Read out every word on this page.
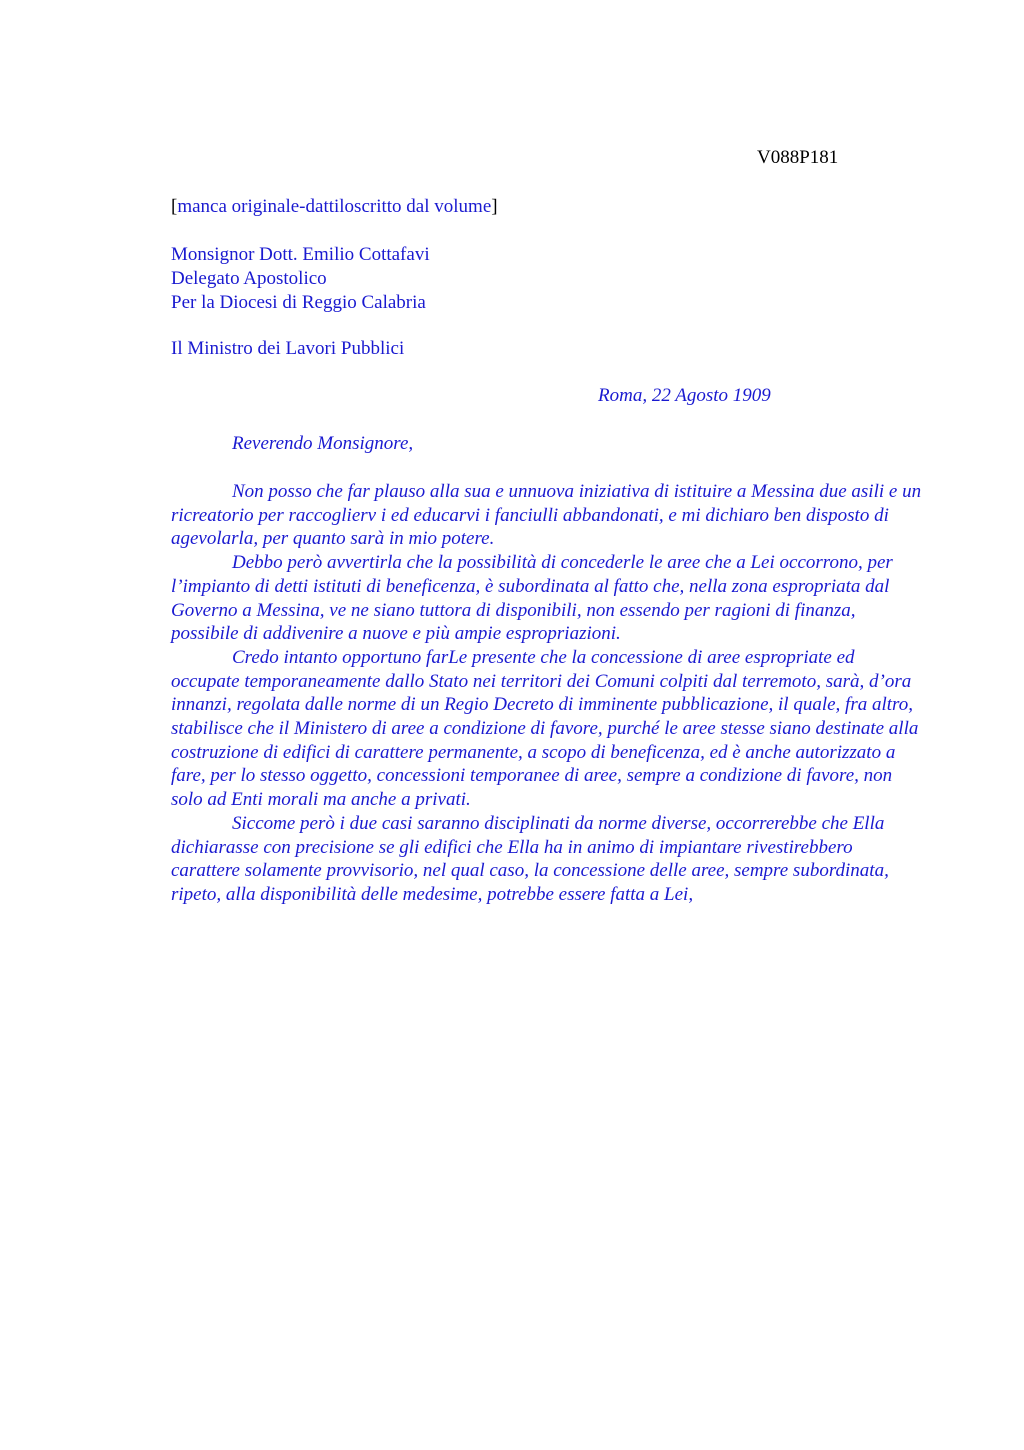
V088P181
[manca originale-dattiloscritto dal volume]
Monsignor Dott. Emilio Cottafavi
Delegato Apostolico
Per la Diocesi di Reggio Calabria
Il Ministro dei Lavori Pubblici
Roma, 22 Agosto 1909
Reverendo Monsignore,

Non posso che far plauso alla sua e unnuova iniziativa di istituire a Messina due asili e un ricreatorio per raccoglierv i ed educarvi i fanciulli abbandonati, e mi dichiaro ben disposto di agevolarla, per quanto sarà in mio potere.

Debbo però avvertirla che la possibilità di concederle le aree che a Lei occorrono, per l’impianto di detti istituti di beneficenza, è subordinata al fatto che, nella zona espropriata dal Governo a Messina, ve ne siano tuttora di disponibili, non essendo per ragioni di finanza, possibile di addivenire a nuove e più ampie espropriazioni.

Credo intanto opportuno farLe presente che la concessione di aree espropriate ed occupate temporaneamente dallo Stato nei territori dei Comuni colpiti dal terremoto, sarà, d’ora innanzi, regolata dalle norme di un Regio Decreto di imminente pubblicazione, il quale, fra altro, stabilisce che il Ministero di aree a condizione di favore, purché le aree stesse siano destinate alla costruzione di edifici di carattere permanente, a scopo di beneficenza, ed è anche autorizzato a fare, per lo stesso oggetto, concessioni temporanee di aree, sempre a condizione di favore, non solo ad Enti morali ma anche a privati.

Siccome però i due casi saranno disciplinati da norme diverse, occorrerebbe che Ella dichiarasse con precisione se gli edifici che Ella ha in animo di impiantare rivestirebbero carattere solamente provvisorio, nel qual caso, la concessione delle aree, sempre subordinata, ripeto, alla disponibilità delle medesime, potrebbe essere fatta a Lei,
